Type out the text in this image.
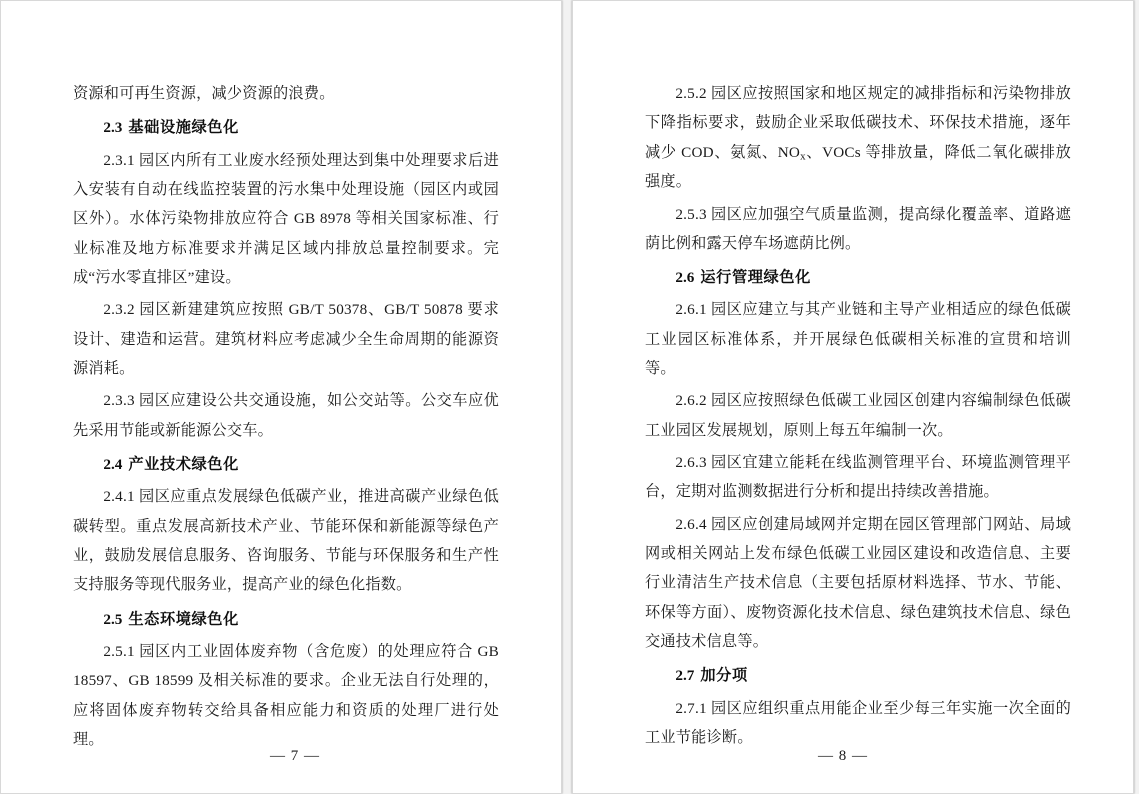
资源和可再生资源，减少资源的浪费。

2.3 基础设施绿色化

2.3.1 园区内所有工业废水经预处理达到集中处理要求后进入安装有自动在线监控装置的污水集中处理设施（园区内或园区外）。水体污染物排放应符合 GB 8978 等相关国家标准、行业标准及地方标准要求并满足区域内排放总量控制要求。完成“污水零直排区”建设。

2.3.2 园区新建建筑应按照 GB/T 50378、GB/T 50878 要求设计、建造和运营。建筑材料应考虑减少全生命周期的能源资源消耗。

2.3.3 园区应建设公共交通设施，如公交站等。公交车应优先采用节能或新能源公交车。

2.4 产业技术绿色化

2.4.1 园区应重点发展绿色低碳产业，推进高碳产业绿色低碳转型。重点发展高新技术产业、节能环保和新能源等绿色产业，鼓励发展信息服务、咨询服务、节能与环保服务和生产性支持服务等现代服务业，提高产业的绿色化指数。

2.5 生态环境绿色化

2.5.1 园区内工业固体废弃物（含危废）的处理应符合 GB 18597、GB 18599 及相关标准的要求。企业无法自行处理的，应将固体废弃物转交给具备相应能力和资质的处理厂进行处理。

— 7 —

2.5.2 园区应按照国家和地区规定的减排指标和污染物排放下降指标要求，鼓励企业采取低碳技术、环保技术措施，逐年减少 COD、氨氮、$NO_x$、VOCs 等排放量，降低二氧化碳排放强度。

2.5.3 园区应加强空气质量监测，提高绿化覆盖率、道路遮荫比例和露天停车场遮荫比例。

2.6 运行管理绿色化

2.6.1 园区应建立与其产业链和主导产业相适应的绿色低碳工业园区标准体系，并开展绿色低碳相关标准的宣贯和培训等。

2.6.2 园区应按照绿色低碳工业园区创建内容编制绿色低碳工业园区发展规划，原则上每五年编制一次。

2.6.3 园区宜建立能耗在线监测管理平台、环境监测管理平台，定期对监测数据进行分析和提出持续改善措施。

2.6.4 园区应创建局域网并定期在园区管理部门网站、局域网或相关网站上发布绿色低碳工业园区建设和改造信息、主要行业清洁生产技术信息（主要包括原材料选择、节水、节能、环保等方面）、废物资源化技术信息、绿色建筑技术信息、绿色交通技术信息等。

2.7 加分项

2.7.1 园区应组织重点用能企业至少每三年实施一次全面的工业节能诊断。

— 8 —
